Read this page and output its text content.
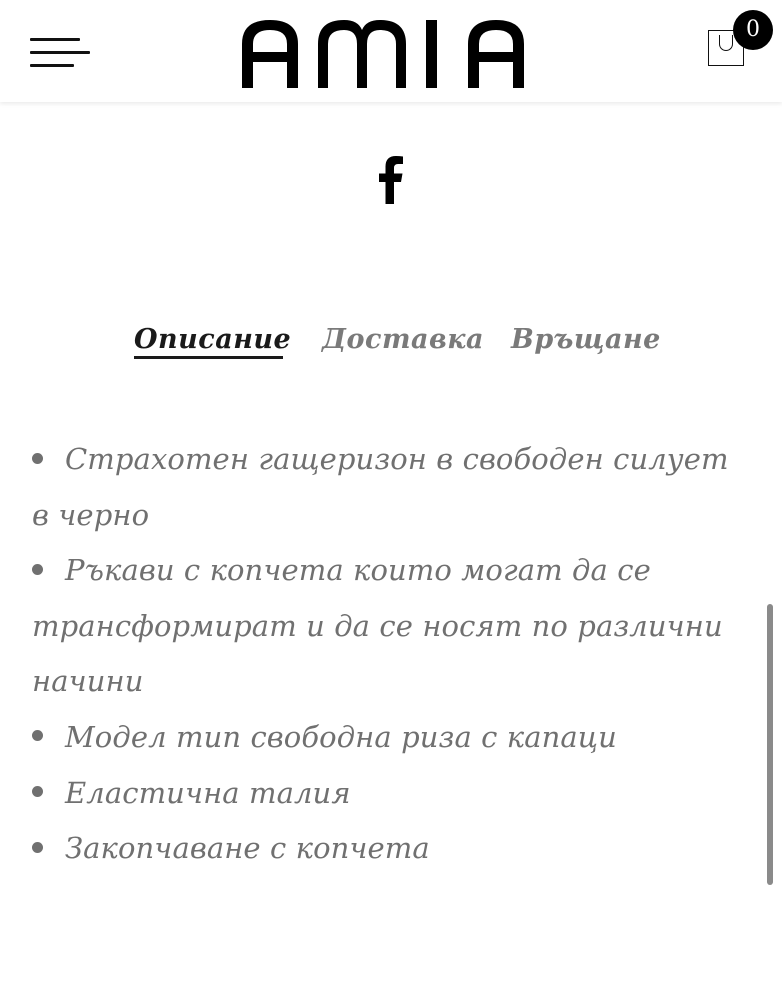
0
Описание Доставка Връщане
Страхотен гащеризон в свободен силует
в черно
Ръкави с копчета които могат да се
трансформират и да се носят по различни
начини
Модел тип свободна риза с капаци
Еластична талия
Закопчаване с копчета
